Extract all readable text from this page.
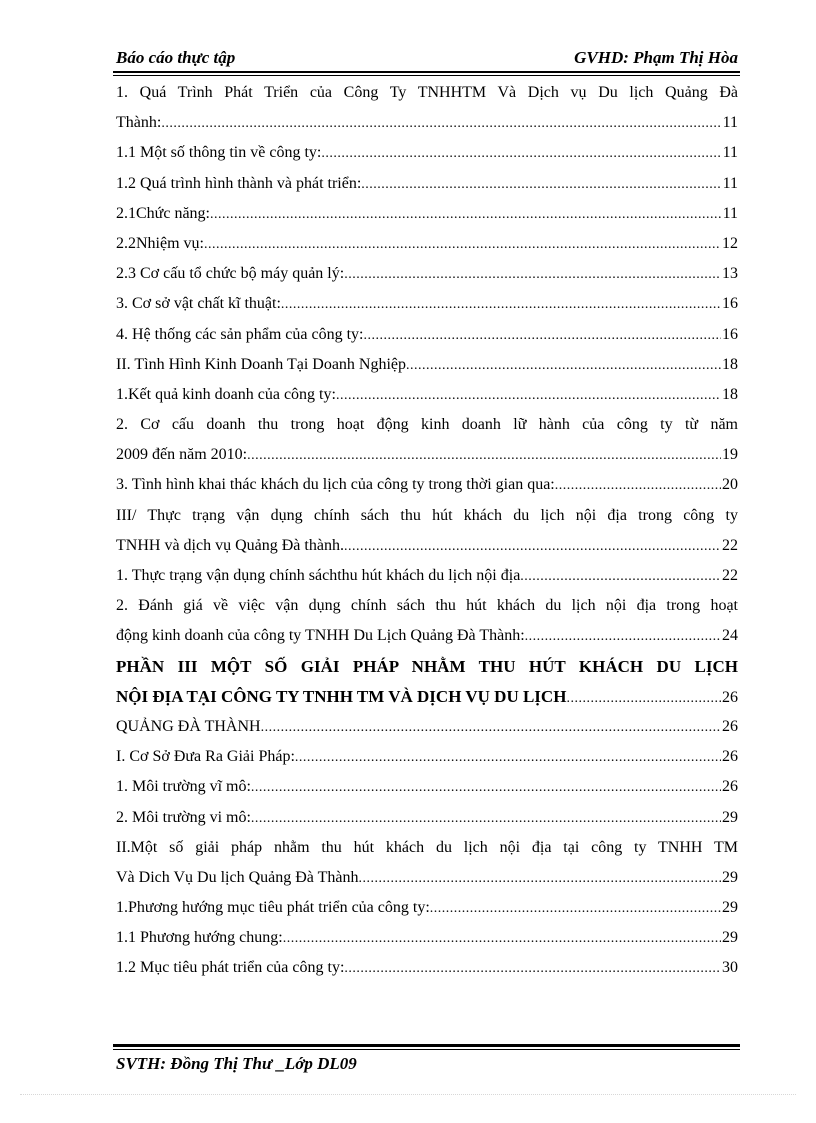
Báo cáo thực tập	GVHD: Phạm Thị Hòa
1. Quá Trình Phát Triển của Công Ty TNHHTM Và Dịch vụ Du lịch Quảng Đà
Thành: . . .	11
1.1 Một số thông tin về công ty: . . .	11
1.2 Quá trình hình thành và phát triển: . . .	11
2.1Chức năng: . . .	11
2.2Nhiệm vụ: . . .	12
2.3 Cơ cấu tổ chức bộ máy quản lý: . . .	13
3. Cơ sở vật chất kĩ thuật: . . .	16
4. Hệ thống các sản phẩm của công ty: . . .	16
II. Tình Hình Kinh Doanh Tại Doanh Nghiệp . . .	18
1.Kết quả kinh doanh của công ty: . . .	18
2. Cơ cấu doanh thu trong hoạt động kinh doanh lữ hành của công ty từ năm
2009 đến năm 2010: . . .	19
3. Tình hình khai thác khách du lịch của công ty trong thời gian qua: . . .	20
III/ Thực trạng vận dụng chính sách thu hút khách du lịch nội địa trong công ty
TNHH và dịch vụ Quảng Đà thành. . . .	22
1. Thực trạng vận dụng chính sáchthu hút khách du lịch nội địa . . .	22
2. Đánh giá về việc vận dụng chính sách thu hút khách du lịch nội địa trong hoạt
động kinh doanh của công ty TNHH Du Lịch Quảng Đà Thành: . . .	24
PHẦN III MỘT SỐ GIẢI PHÁP NHẰM THU HÚT KHÁCH DU LỊCH
NỘI ĐỊA TẠI CÔNG TY TNHH TM VÀ DỊCH VỤ DU LỊCH . . .	26
QUẢNG ĐÀ THÀNH . . .	26
I. Cơ Sở Đưa Ra Giải Pháp: . . .	26
1. Môi trường vĩ mô: . . .	26
2. Môi trường vi mô: . . .	29
II.Một số giải pháp nhằm thu hút khách du lịch nội địa tại công ty TNHH TM
Và Dich Vụ Du lịch Quảng Đà Thành . . .	29
1.Phương hướng mục tiêu phát triển của công ty: . . .	29
1.1 Phương hướng chung: . . .	29
1.2 Mục tiêu phát triển của công ty: . . .	30
SVTH: Đồng Thị Thư _Lớp DL09
